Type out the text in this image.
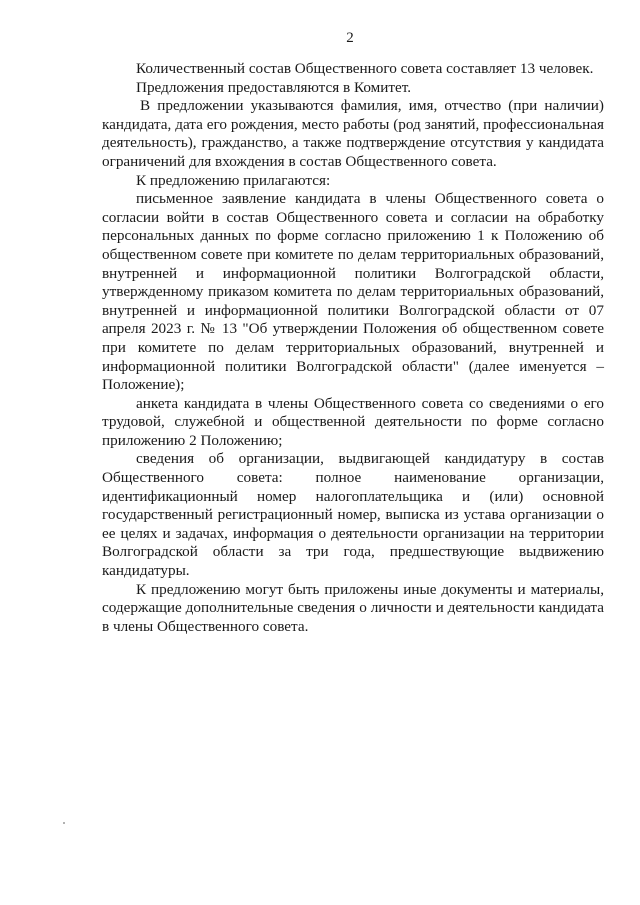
2

Количественный состав Общественного совета составляет 13 человек.

Предложения предоставляются в Комитет.

В предложении указываются фамилия, имя, отчество (при наличии) кандидата, дата его рождения, место работы (род занятий, профессиональная деятельность), гражданство, а также подтверждение отсутствия у кандидата ограничений для вхождения в состав Общественного совета.

К предложению прилагаются:

письменное заявление кандидата в члены Общественного совета о согласии войти в состав Общественного совета и согласии на обработку персональных данных по форме согласно приложению 1 к Положению об общественном совете при комитете по делам территориальных образований, внутренней и информационной политики Волгоградской области, утвержденному приказом комитета по делам территориальных образований, внутренней и информационной политики Волгоградской области от 07 апреля 2023 г. № 13 "Об утверждении Положения об общественном совете при комитете по делам территориальных образований, внутренней и информационной политики Волгоградской области" (далее именуется – Положение);

анкета кандидата в члены Общественного совета со сведениями о его трудовой, служебной и общественной деятельности по форме согласно приложению 2 Положению;

сведения об организации, выдвигающей кандидатуру в состав Общественного совета: полное наименование организации, идентификационный номер налогоплательщика и (или) основной государственный регистрационный номер, выписка из устава организации о ее целях и задачах, информация о деятельности организации на территории Волгоградской области за три года, предшествующие выдвижению кандидатуры.

К предложению могут быть приложены иные документы и материалы, содержащие дополнительные сведения о личности и деятельности кандидата в члены Общественного совета.
